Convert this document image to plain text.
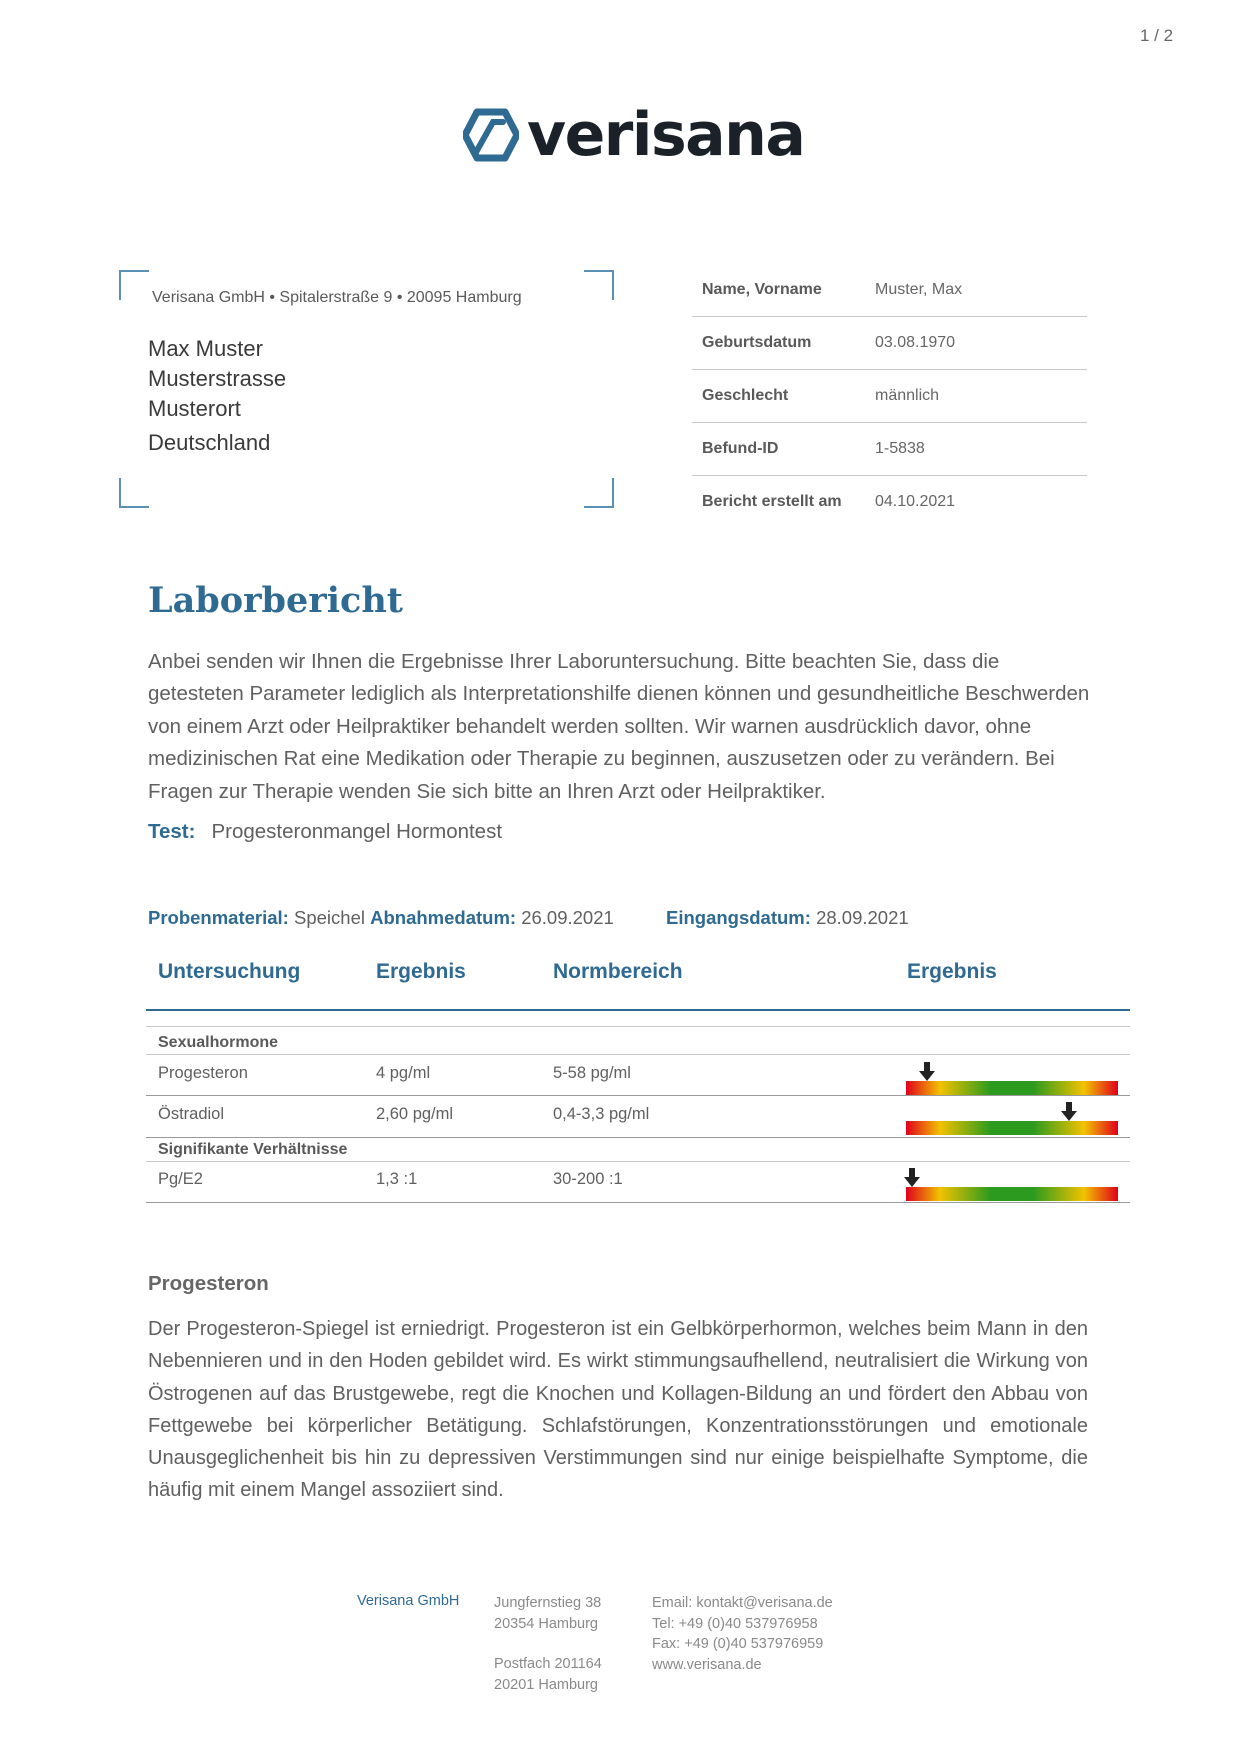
1 / 2
verisana
Verisana GmbH • Spitalerstraße 9 • 20095 Hamburg
Max Muster
Musterstrasse
Musterort
Deutschland
Name, Vorname	Muster, Max
Geburtsdatum	03.08.1970
Geschlecht	männlich
Befund-ID	1-5838
Bericht erstellt am	04.10.2021
Laborbericht
Anbei senden wir Ihnen die Ergebnisse Ihrer Laboruntersuchung. Bitte beachten Sie, dass die getesteten Parameter lediglich als Interpretationshilfe dienen können und gesundheitliche Beschwerden von einem Arzt oder Heilpraktiker behandelt werden sollten. Wir warnen ausdrücklich davor, ohne medizinischen Rat eine Medikation oder Therapie zu beginnen, auszusetzen oder zu verändern. Bei Fragen zur Therapie wenden Sie sich bitte an Ihren Arzt oder Heilpraktiker.
Test: Progesteronmangel Hormontest
Probenmaterial: Speichel Abnahmedatum: 26.09.2021	Eingangsdatum: 28.09.2021
Untersuchung	Ergebnis	Normbereich	Ergebnis
Sexualhormone
Progesteron	4 pg/ml	5-58 pg/ml
Östradiol	2,60 pg/ml	0,4-3,3 pg/ml
Signifikante Verhältnisse
Pg/E2	1,3 :1	30-200 :1
Progesteron
Der Progesteron-Spiegel ist erniedrigt. Progesteron ist ein Gelbkörperhormon, welches beim Mann in den Nebennieren und in den Hoden gebildet wird. Es wirkt stimmungsaufhellend, neutralisiert die Wirkung von Östrogenen auf das Brustgewebe, regt die Knochen und Kollagen-Bildung an und fördert den Abbau von Fettgewebe bei körperlicher Betätigung. Schlafstörungen, Konzentrationsstörungen und emotionale Unausgeglichenheit bis hin zu depressiven Verstimmungen sind nur einige beispielhafte Symptome, die häufig mit einem Mangel assoziiert sind.
Verisana GmbH Jungfernstieg 38
20354 Hamburg
Postfach 201164
20201 Hamburg
Email: kontakt@verisana.de
Tel: +49 (0)40 537976958
Fax: +49 (0)40 537976959
www.verisana.de
